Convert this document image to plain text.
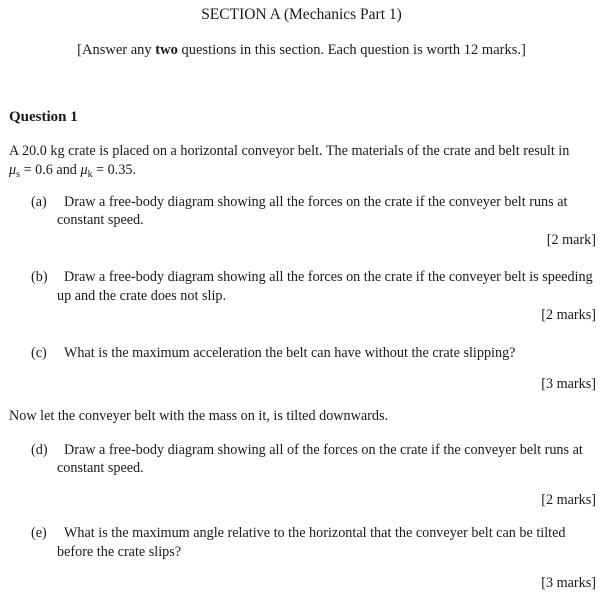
SECTION A (Mechanics Part 1)
[Answer any two questions in this section. Each question is worth 12 marks.]
Question 1
A 20.0 kg crate is placed on a horizontal conveyor belt. The materials of the crate and belt result in
$\mu_s = 0.6$ and $\mu_k = 0.35$.
(a) Draw a free-body diagram showing all the forces on the crate if the conveyer belt runs at
constant speed.
[2 mark]
(b) Draw a free-body diagram showing all the forces on the crate if the conveyer belt is speeding
up and the crate does not slip.
[2 marks]
(c) What is the maximum acceleration the belt can have without the crate slipping?
[3 marks]
Now let the conveyer belt with the mass on it, is tilted downwards.
(d) Draw a free-body diagram showing all of the forces on the crate if the conveyer belt runs at
constant speed.
[2 marks]
(e) What is the maximum angle relative to the horizontal that the conveyer belt can be tilted
before the crate slips?
[3 marks]
